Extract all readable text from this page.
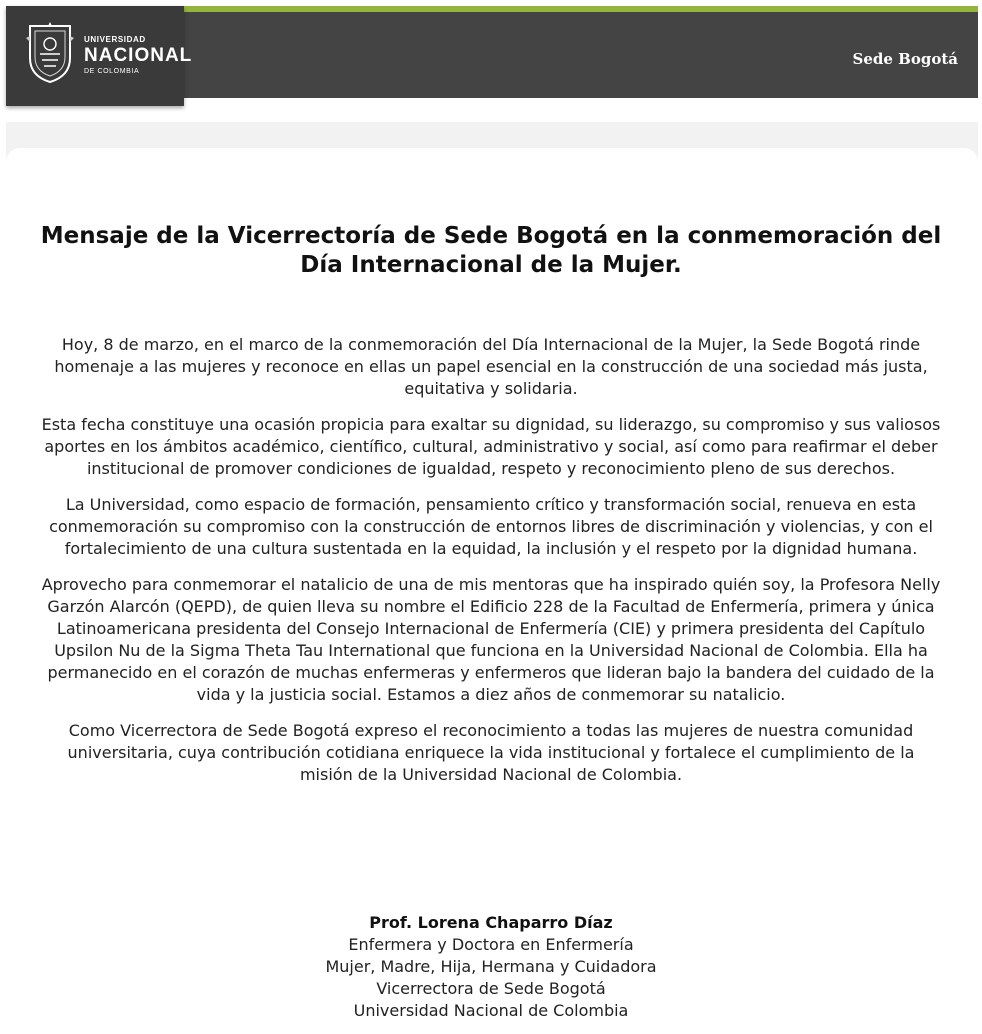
Sede Bogotá
UNIVERSIDAD
NACIONAL
DE COLOMBIA
Mensaje de la Vicerrectoría de Sede Bogotá en la conmemoración del Día Internacional de la Mujer.

Hoy, 8 de marzo, en el marco de la conmemoración del Día Internacional de la Mujer, la Sede Bogotá rinde homenaje a las mujeres y reconoce en ellas un papel esencial en la construcción de una sociedad más justa, equitativa y solidaria.

Esta fecha constituye una ocasión propicia para exaltar su dignidad, su liderazgo, su compromiso y sus valiosos aportes en los ámbitos académico, científico, cultural, administrativo y social, así como para reafirmar el deber institucional de promover condiciones de igualdad, respeto y reconocimiento pleno de sus derechos.

La Universidad, como espacio de formación, pensamiento crítico y transformación social, renueva en esta conmemoración su compromiso con la construcción de entornos libres de discriminación y violencias, y con el fortalecimiento de una cultura sustentada en la equidad, la inclusión y el respeto por la dignidad humana.

Aprovecho para conmemorar el natalicio de una de mis mentoras que ha inspirado quién soy, la Profesora Nelly Garzón Alarcón (QEPD), de quien lleva su nombre el Edificio 228 de la Facultad de Enfermería, primera y única Latinoamericana presidenta del Consejo Internacional de Enfermería (CIE) y primera presidenta del Capítulo Upsilon Nu de la Sigma Theta Tau International que funciona en la Universidad Nacional de Colombia. Ella ha permanecido en el corazón de muchas enfermeras y enfermeros que lideran bajo la bandera del cuidado de la vida y la justicia social. Estamos a diez años de conmemorar su natalicio.

Como Vicerrectora de Sede Bogotá expreso el reconocimiento a todas las mujeres de nuestra comunidad universitaria, cuya contribución cotidiana enriquece la vida institucional y fortalece el cumplimiento de la misión de la Universidad Nacional de Colombia.

Prof. Lorena Chaparro Díaz
Enfermera y Doctora en Enfermería
Mujer, Madre, Hija, Hermana y Cuidadora
Vicerrectora de Sede Bogotá
Universidad Nacional de Colombia
